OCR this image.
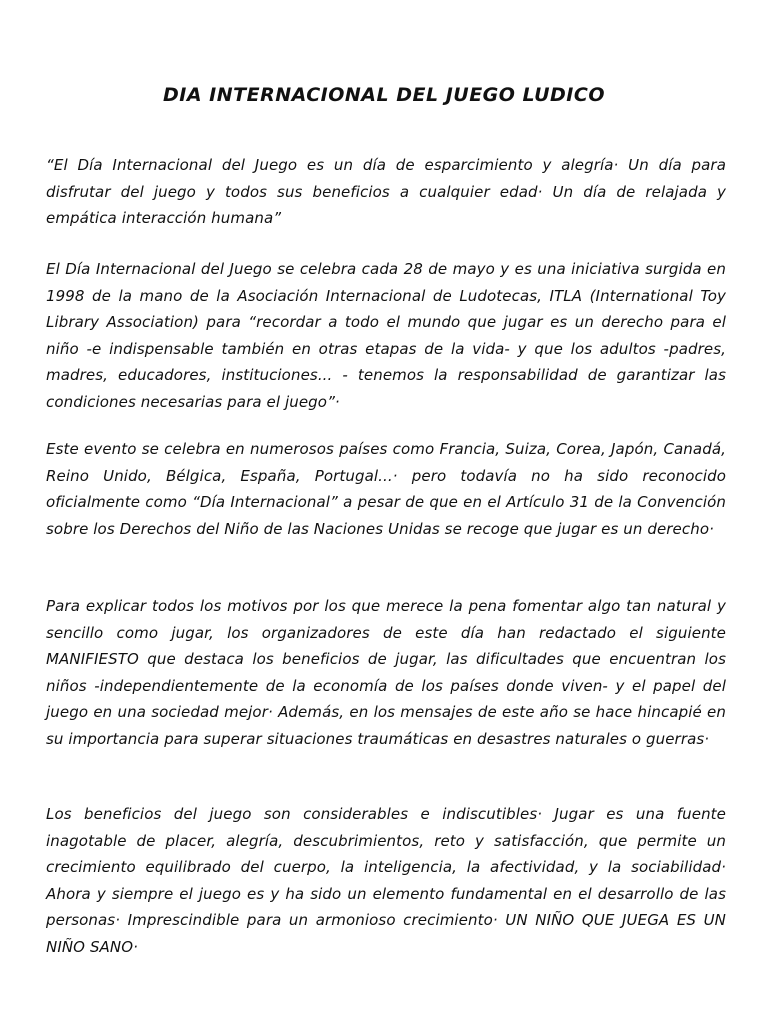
DIA INTERNACIONAL DEL JUEGO LUDICO

“El Día Internacional del Juego es un día de esparcimiento y alegría· Un día para disfrutar del juego y todos sus beneficios a cualquier edad· Un día de relajada y empática interacción humana”

El Día Internacional del Juego se celebra cada 28 de mayo y es una iniciativa surgida en 1998 de la mano de la Asociación Internacional de Ludotecas, ITLA (International Toy Library Association) para “recordar a todo el mundo que jugar es un derecho para el niño -e indispensable también en otras etapas de la vida- y que los adultos -padres, madres, educadores, instituciones... - tenemos la responsabilidad de garantizar las condiciones necesarias para el juego”·

Este evento se celebra en numerosos países como Francia, Suiza, Corea, Japón, Canadá, Reino Unido, Bélgica, España, Portugal...· pero todavía no ha sido reconocido oficialmente como “Día Internacional” a pesar de que en el Artículo 31 de la Convención sobre los Derechos del Niño de las Naciones Unidas se recoge que jugar es un derecho·

Para explicar todos los motivos por los que merece la pena fomentar algo tan natural y sencillo como jugar, los organizadores de este día han redactado el siguiente MANIFIESTO que destaca los beneficios de jugar, las dificultades que encuentran los niños -independientemente de la economía de los países donde viven- y el papel del juego en una sociedad mejor· Además, en los mensajes de este año se hace hincapié en su importancia para superar situaciones traumáticas en desastres naturales o guerras·

Los beneficios del juego son considerables e indiscutibles· Jugar es una fuente inagotable de placer, alegría, descubrimientos, reto y satisfacción, que permite un crecimiento equilibrado del cuerpo, la inteligencia, la afectividad, y la sociabilidad· Ahora y siempre el juego es y ha sido un elemento fundamental en el desarrollo de las personas· Imprescindible para un armonioso crecimiento· UN NIÑO QUE JUEGA ES UN NIÑO SANO·
